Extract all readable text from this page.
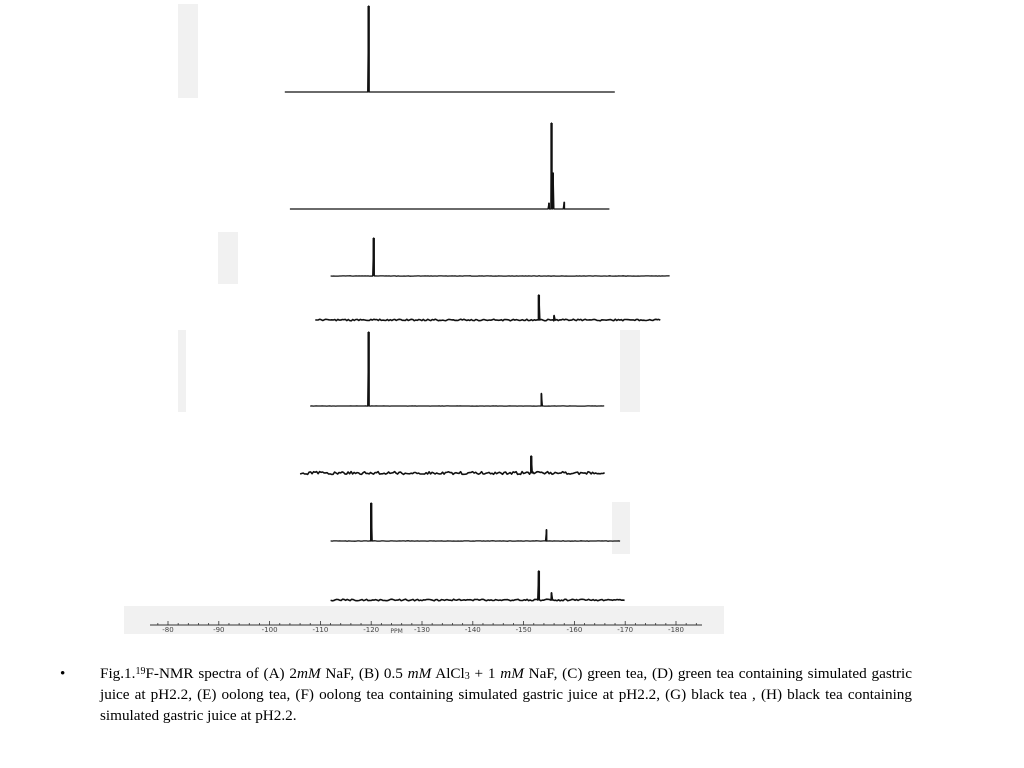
-80	-90	-100	-110	-120	-130	-140	-150	-160	-170	-180
PPM
• Fig.1.19F-NMR spectra of (A) 2mM NaF, (B) 0.5 mM AlCl3 + 1 mM NaF, (C) green tea, (D) green tea containing simulated gastric juice at pH2.2, (E) oolong tea, (F) oolong tea containing simulated gastric juice at pH2.2, (G) black tea , (H) black tea containing simulated gastric juice at pH2.2.
